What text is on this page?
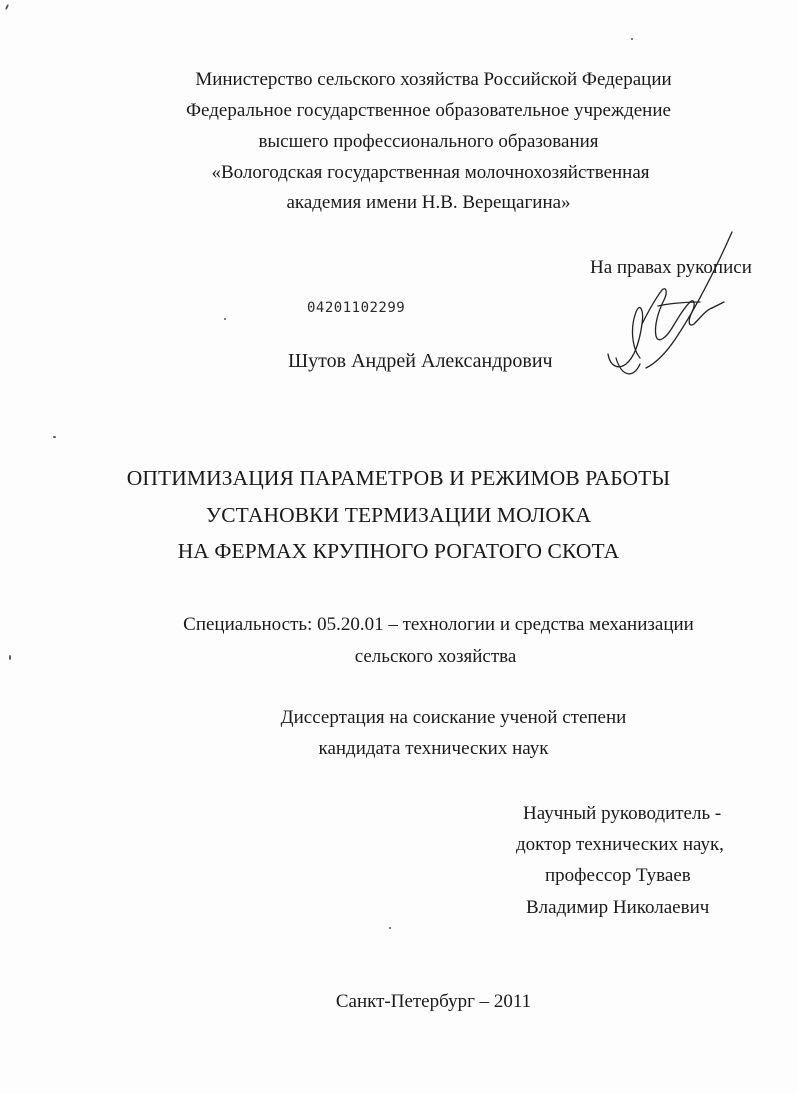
Министерство сельского хозяйства Российской Федерации
Федеральное государственное образовательное учреждение
высшего профессионального образования
«Вологодская государственная молочнохозяйственная
академия имени Н.В. Верещагина»
На правах рукописи
04201102299
Шутов Андрей Александрович
ОПТИМИЗАЦИЯ ПАРАМЕТРОВ И РЕЖИМОВ РАБОТЫ
УСТАНОВКИ ТЕРМИЗАЦИИ МОЛОКА
НА ФЕРМАХ КРУПНОГО РОГАТОГО СКОТА
Специальность: 05.20.01 – технологии и средства механизации
сельского хозяйства
Диссертация на соискание ученой степени
кандидата технических наук
Научный руководитель -
доктор технических наук,
профессор Туваев
Владимир Николаевич
Санкт-Петербург – 2011
